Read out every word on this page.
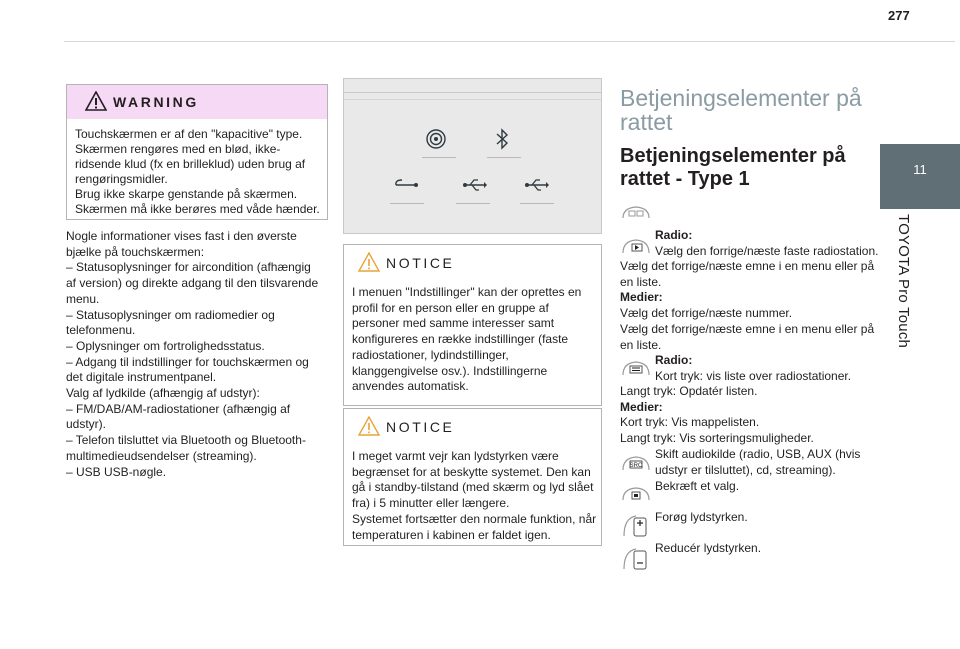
277
11
TOYOTA Pro Touch
WARNING
Touchskærmen er af den "kapacitive" type.
Skærmen rengøres med en blød, ikke-
ridsende klud (fx en brilleklud) uden brug af
rengøringsmidler.
Brug ikke skarpe genstande på skærmen.
Skærmen må ikke berøres med våde hænder.
Nogle informationer vises fast i den øverste
bjælke på touchskærmen:
– Statusoplysninger for aircondition (afhængig
af version) og direkte adgang til den tilsvarende
menu.
– Statusoplysninger om radiomedier og
telefonmenu.
– Oplysninger om fortrolighedsstatus.
– Adgang til indstillinger for touchskærmen og
det digitale instrumentpanel.
Valg af lydkilde (afhængig af udstyr):
– FM/DAB/AM-radiostationer (afhængig af
udstyr).
– Telefon tilsluttet via Bluetooth og Bluetooth-
multimedieudsendelser (streaming).
– USB USB-nøgle.
NOTICE
I menuen "Indstillinger" kan der oprettes en
profil for en person eller en gruppe af
personer med samme interesser samt
konfigureres en række indstillinger (faste
radiostationer, lydindstillinger,
klanggengivelse osv.). Indstillingerne
anvendes automatisk.
NOTICE
I meget varmt vejr kan lydstyrken være
begrænset for at beskytte systemet. Den kan
gå i standby-tilstand (med skærm og lyd slået
fra) i 5 minutter eller længere.
Systemet fortsætter den normale funktion, når
temperaturen i kabinen er faldet igen.
Betjeningselementer på
rattet
Betjeningselementer på
rattet - Type 1
Radio:
Vælg den forrige/næste faste radiostation.
Vælg det forrige/næste emne i en menu eller på
en liste.
Medier:
Vælg det forrige/næste nummer.
Vælg det forrige/næste emne i en menu eller på
en liste.
Radio:
Kort tryk: vis liste over radiostationer.
Langt tryk: Opdatér listen.
Medier:
Kort tryk: Vis mappelisten.
Langt tryk: Vis sorteringsmuligheder.
SRC
Skift audiokilde (radio, USB, AUX (hvis
udstyr er tilsluttet), cd, streaming).
Bekræft et valg.
Forøg lydstyrken.
Reducér lydstyrken.
